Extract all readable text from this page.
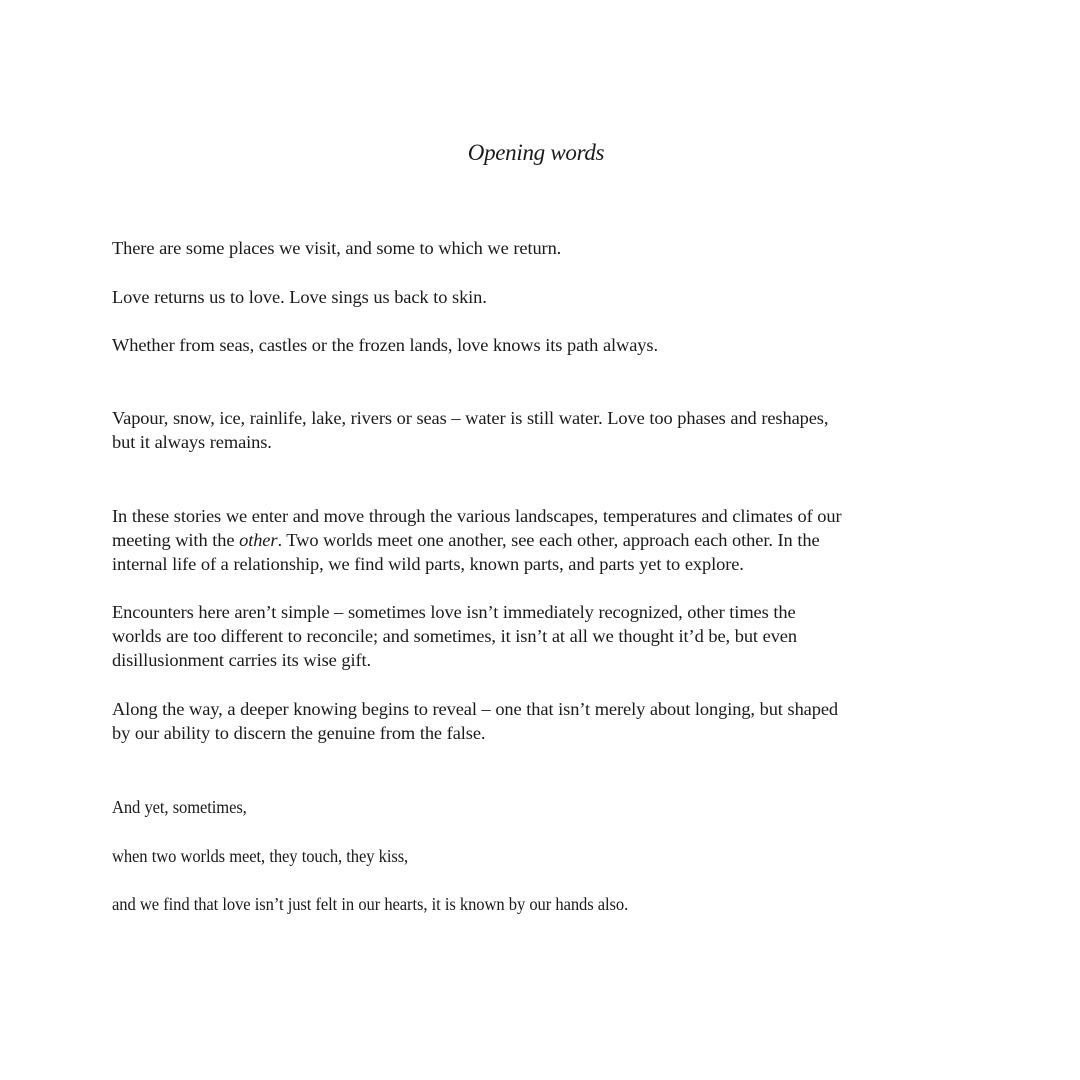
Opening words

There are some places we visit, and some to which we return.

Love returns us to love. Love sings us back to skin.

Whether from seas, castles or the frozen lands, love knows its path always.

Vapour, snow, ice, rainlife, lake, rivers or seas – water is still water. Love too phases and reshapes,
but it always remains.

In these stories we enter and move through the various landscapes, temperatures and climates of our
meeting with the other. Two worlds meet one another, see each other, approach each other. In the
internal life of a relationship, we find wild parts, known parts, and parts yet to explore.

Encounters here aren’t simple – sometimes love isn’t immediately recognized, other times the
worlds are too different to reconcile; and sometimes, it isn’t at all we thought it’d be, but even
disillusionment carries its wise gift.

Along the way, a deeper knowing begins to reveal – one that isn’t merely about longing, but shaped
by our ability to discern the genuine from the false.

And yet, sometimes,

when two worlds meet, they touch, they kiss,

and we find that love isn’t just felt in our hearts, it is known by our hands also.
